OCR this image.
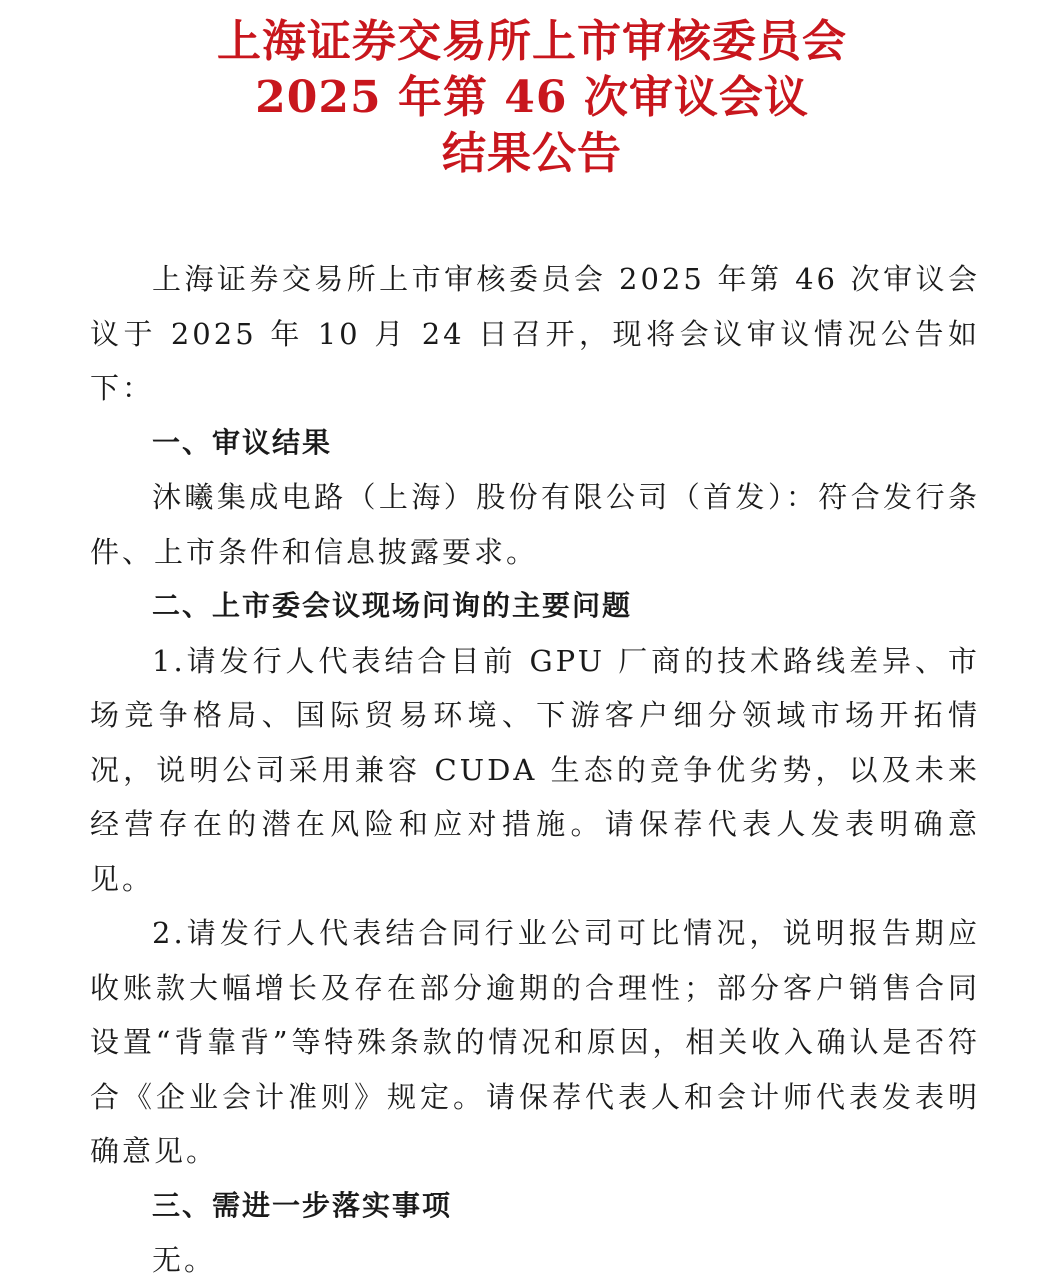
上海证券交易所上市审核委员会
2025 年第 46 次审议会议
结果公告

上海证券交易所上市审核委员会 2025 年第 46 次审议会议于 2025 年 10 月 24 日召开，现将会议审议情况公告如下：

一、审议结果

沐曦集成电路（上海）股份有限公司（首发）：符合发行条件、上市条件和信息披露要求。

二、上市委会议现场问询的主要问题

1.请发行人代表结合目前 GPU 厂商的技术路线差异、市场竞争格局、国际贸易环境、下游客户细分领域市场开拓情况，说明公司采用兼容 CUDA 生态的竞争优劣势，以及未来经营存在的潜在风险和应对措施。请保荐代表人发表明确意见。

2.请发行人代表结合同行业公司可比情况，说明报告期应收账款大幅增长及存在部分逾期的合理性；部分客户销售合同设置“背靠背”等特殊条款的情况和原因，相关收入确认是否符合《企业会计准则》规定。请保荐代表人和会计师代表发表明确意见。

三、需进一步落实事项

无。
